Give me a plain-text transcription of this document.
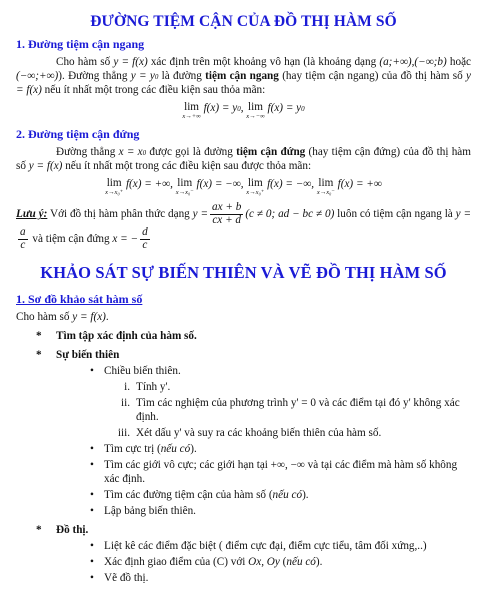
ĐƯỜNG TIỆM CẬN CỦA ĐỒ THỊ HÀM SỐ
1. Đường tiệm cận ngang

Cho hàm số y = f(x) xác định trên một khoảng vô hạn (là khoảng dạng (a;+∞),(−∞;b) hoặc (−∞;+∞)). Đường thẳng y = y0 là đường tiệm cận ngang (hay tiệm cận ngang) của đồ thị hàm số y = f(x) nếu ít nhất một trong các điều kiện sau thỏa mãn:

lim
x→+∞
f(x) = y0, lim
x→−∞
f(x) = y0
2. Đường tiệm cận đứng

Đường thẳng x = x0 được gọi là đường tiệm cận đứng (hay tiệm cận đứng) của đồ thị hàm số y = f(x) nếu ít nhất một trong các điều kiện sau được thỏa mãn:

lim
x→x₀⁺
f(x) = +∞, lim
x→x₀⁻
f(x) = −∞, lim
x→x₀⁺
f(x) = −∞, lim
x→x₀⁻
f(x) = +∞

Lưu ý: Với đồ thị hàm phân thức dạng $y = \frac{ax + b}{cx + d} (c \ne 0$; ad − bc ≠ 0) luôn có tiệm cận ngang là y =
$\frac{a}{c}$ và tiệm cận đứng x = − $\frac{d}{c}$

KHẢO SÁT SỰ BIẾN THIÊN VÀ VẼ ĐỒ THỊ HÀM SỐ
1. Sơ đồ khảo sát hàm số

Cho hàm số y = f(x).

* Tìm tập xác định của hàm số.
* Sự biến thiên
• Chiều biến thiên.
i. Tính y'.
ii. Tìm các nghiệm của phương trình y' = 0 và các điểm tại đó y' không xác định.
iii. Xét dấu y' và suy ra các khoảng biến thiên của hàm số.
• Tìm cực trị (nếu có).
• Tìm các giới vô cực; các giới hạn tại +∞, −∞ và tại các điểm mà hàm số không xác định.
• Tìm các đường tiệm cận của hàm số (nếu có).
• Lập bảng biến thiên.
* Đồ thị.
• Liệt kê các điểm đặc biệt ( điểm cực đại, điểm cực tiểu, tâm đối xứng,..)
• Xác định giao điểm của (C) với Ox, Oy (nếu có).
• Vẽ đồ thị.
